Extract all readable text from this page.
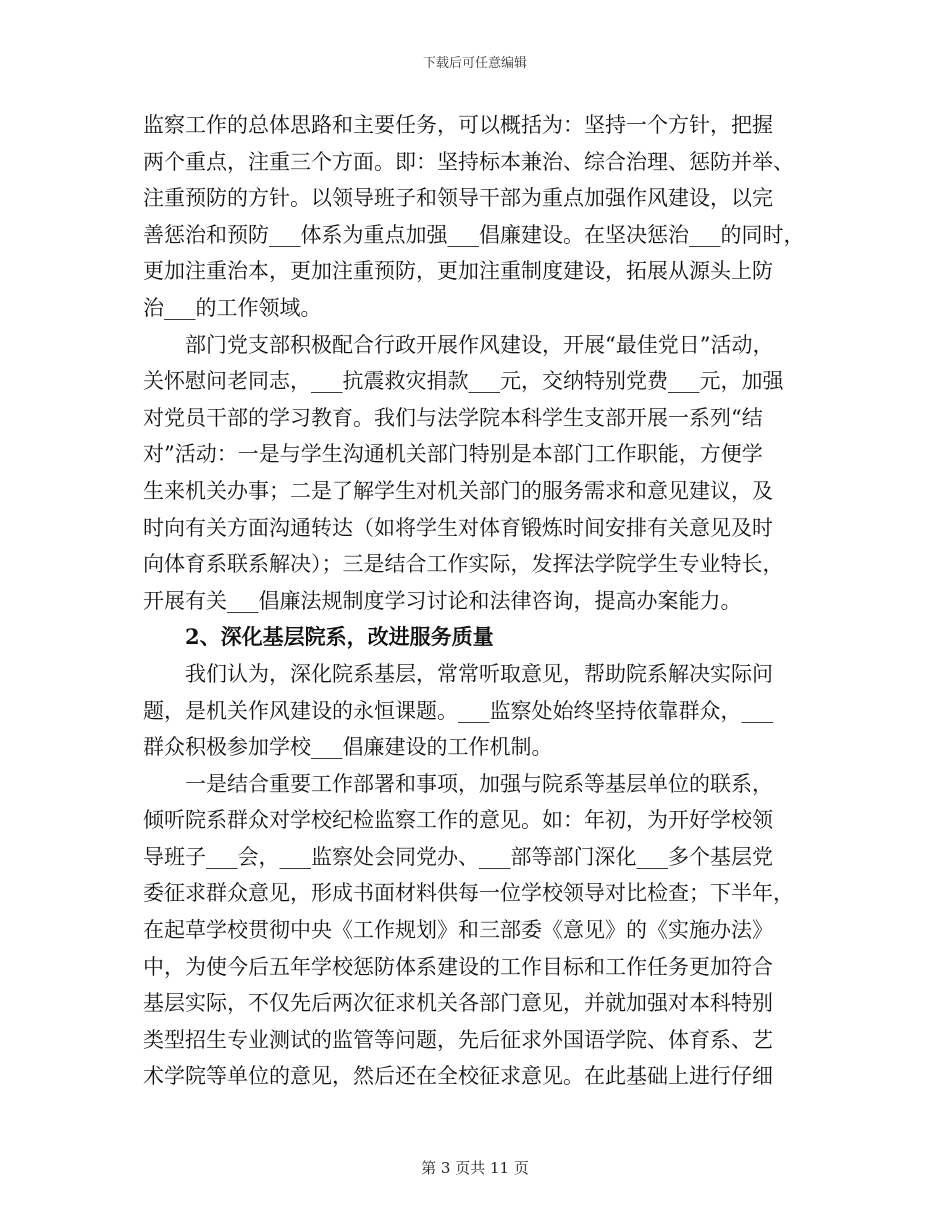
下载后可任意编辑
监察工作的总体思路和主要任务，可以概括为：坚持一个方针，把握
两个重点，注重三个方面。即：坚持标本兼治、综合治理、惩防并举、
注重预防的方针。以领导班子和领导干部为重点加强作风建设，以完
善惩治和预防___体系为重点加强___倡廉建设。在坚决惩治___的同时，
更加注重治本，更加注重预防，更加注重制度建设，拓展从源头上防
治___的工作领域。
部门党支部积极配合行政开展作风建设，开展“最佳党日”活动，
关怀慰问老同志，___抗震救灾捐款___元，交纳特别党费___元，加强
对党员干部的学习教育。我们与法学院本科学生支部开展一系列“结
对”活动：一是与学生沟通机关部门特别是本部门工作职能，方便学
生来机关办事；二是了解学生对机关部门的服务需求和意见建议，及
时向有关方面沟通转达（如将学生对体育锻炼时间安排有关意见及时
向体育系联系解决）；三是结合工作实际，发挥法学院学生专业特长，
开展有关___倡廉法规制度学习讨论和法律咨询，提高办案能力。
2、深化基层院系，改进服务质量
我们认为，深化院系基层，常常听取意见，帮助院系解决实际问
题，是机关作风建设的永恒课题。___监察处始终坚持依靠群众，___
群众积极参加学校___倡廉建设的工作机制。
一是结合重要工作部署和事项，加强与院系等基层单位的联系，
倾听院系群众对学校纪检监察工作的意见。如：年初，为开好学校领
导班子___会，___监察处会同党办、___部等部门深化___多个基层党
委征求群众意见，形成书面材料供每一位学校领导对比检查；下半年，
在起草学校贯彻中央《工作规划》和三部委《意见》的《实施办法》
中，为使今后五年学校惩防体系建设的工作目标和工作任务更加符合
基层实际，不仅先后两次征求机关各部门意见，并就加强对本科特别
类型招生专业测试的监管等问题，先后征求外国语学院、体育系、艺
术学院等单位的意见，然后还在全校征求意见。在此基础上进行仔细
第 3 页共 11 页
